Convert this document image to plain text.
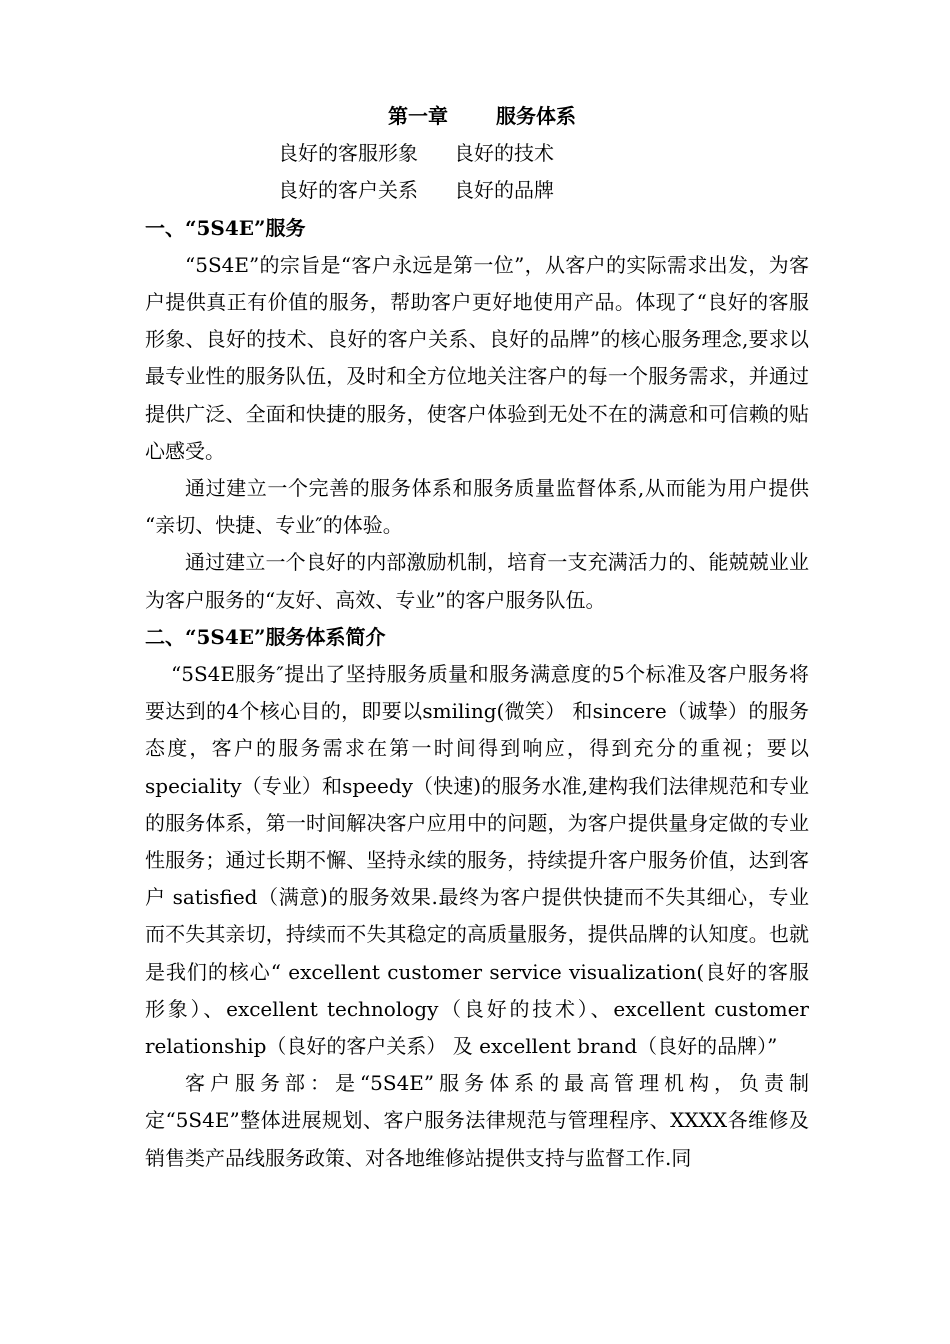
第一章 服务体系
良好的客服形象 良好的技术
良好的客户关系 良好的品牌
一、“5S4E”服务

“5S4E”的宗旨是“客户永远是第一位”，从客户的实际需求出发，为客户提供真正有价值的服务，帮助客户更好地使用产品。体现了“良好的客服形象、良好的技术、良好的客户关系、良好的品牌”的核心服务理念,要求以最专业性的服务队伍，及时和全方位地关注客户的每一个服务需求，并通过提供广泛、全面和快捷的服务，使客户体验到无处不在的满意和可信赖的贴心感受。

通过建立一个完善的服务体系和服务质量监督体系,从而能为用户提供 “亲切、快捷、专业″的体验。

通过建立一个良好的内部激励机制，培育一支充满活力的、能兢兢业业为客户服务的“友好、高效、专业”的客户服务队伍。

二、“5S4E”服务体系简介

“5S4E服务″提出了坚持服务质量和服务满意度的5个标准及客户服务将要达到的4个核心目的，即要以smiling(微笑） 和sincere（诚挚）的服务态度，客户的服务需求在第一时间得到响应，得到充分的重视；要以speciality（专业）和speedy（快速)的服务水准,建构我们法律规范和专业的服务体系，第一时间解决客户应用中的问题，为客户提供量身定做的专业性服务；通过长期不懈、坚持永续的服务，持续提升客户服务价值，达到客户 satisfied（满意)的服务效果.最终为客户提供快捷而不失其细心，专业而不失其亲切，持续而不失其稳定的高质量服务，提供品牌的认知度。也就是我们的核心“ excellent customer service visualization(良好的客服形象）、excellent technology（良好的技术）、excellent customer relationship（良好的客户关系） 及 excellent brand（良好的品牌）”

客户服务部：是“5S4E”服务体系的最高管理机构，负责制定“5S4E”整体进展规划、客户服务法律规范与管理程序、XXXX各维修及销售类产品线服务政策、对各地维修站提供支持与监督工作.同
